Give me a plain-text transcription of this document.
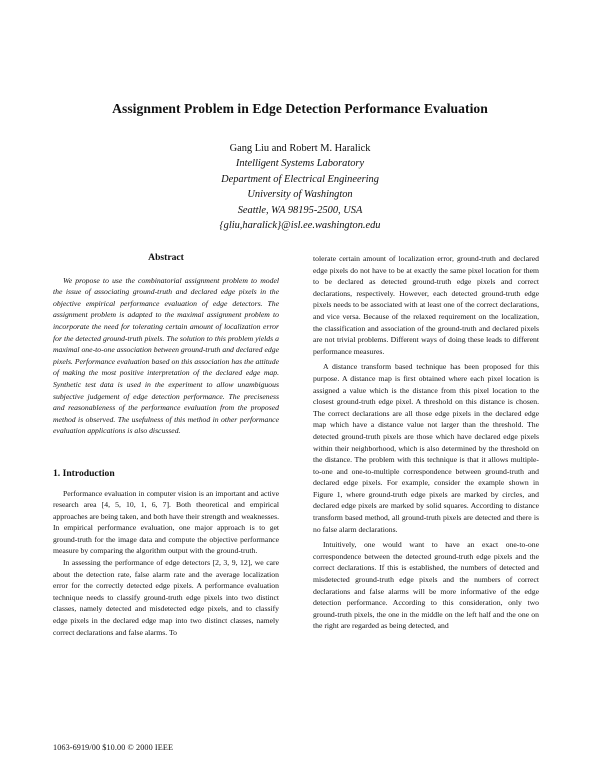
Assignment Problem in Edge Detection Performance Evaluation
Gang Liu and Robert M. Haralick
Intelligent Systems Laboratory
Department of Electrical Engineering
University of Washington
Seattle, WA 98195-2500, USA
{gliu,haralick}@isl.ee.washington.edu
Abstract

We propose to use the combinatorial assignment problem to model the issue of associating ground-truth and declared edge pixels in the objective empirical performance evaluation of edge detectors. The assignment problem is adapted to the maximal assignment problem to incorporate the need for tolerating certain amount of localization error for the detected ground-truth pixels. The solution to this problem yields a maximal one-to-one association between ground-truth and declared edge pixels. Performance evaluation based on this association has the attitude of making the most positive interpretation of the declared edge map. Synthetic test data is used in the experiment to allow unambiguous subjective judgement of edge detection performance. The preciseness and reasonableness of the performance evaluation from the proposed method is observed. The usefulness of this method in other performance evaluation applications is also discussed.

1. Introduction

Performance evaluation in computer vision is an important and active research area [4, 5, 10, 1, 6, 7]. Both theoretical and empirical approaches are being taken, and both have their strength and weaknesses. In empirical performance evaluation, one major approach is to get ground-truth for the image data and compute the objective performance measure by comparing the algorithm output with the ground-truth.

In assessing the performance of edge detectors [2, 3, 9, 12], we care about the detection rate, false alarm rate and the average localization error for the correctly detected edge pixels. A performance evaluation technique needs to classify ground-truth edge pixels into two distinct classes, namely detected and misdetected edge pixels, and to classify edge pixels in the declared edge map into two distinct classes, namely correct declarations and false alarms. To

tolerate certain amount of localization error, ground-truth and declared edge pixels do not have to be at exactly the same pixel location for them to be declared as detected ground-truth edge pixels and correct declarations, respectively. However, each detected ground-truth edge pixels needs to be associated with at least one of the correct declarations, and vice versa. Because of the relaxed requirement on the localization, the classification and association of the ground-truth and declared pixels are not trivial problems. Different ways of doing these leads to different performance measures.

A distance transform based technique has been proposed for this purpose. A distance map is first obtained where each pixel location is assigned a value which is the distance from this pixel location to the closest ground-truth edge pixel. A threshold on this distance is chosen. The correct declarations are all those edge pixels in the declared edge map which have a distance value not larger than the threshold. The detected ground-truth pixels are those which have declared edge pixels within their neighborhood, which is also determined by the threshold on the distance. The problem with this technique is that it allows multiple-to-one and one-to-multiple correspondence between ground-truth and declared edge pixels. For example, consider the example shown in Figure 1, where ground-truth edge pixels are marked by circles, and declared edge pixels are marked by solid squares. According to distance transform based method, all ground-truth pixels are detected and there is no false alarm declarations.

Intuitively, one would want to have an exact one-to-one correspondence between the detected ground-truth edge pixels and the correct declarations. If this is established, the numbers of detected and misdetected ground-truth edge pixels and the numbers of correct declarations and false alarms will be more informative of the edge detection performance. According to this consideration, only two ground-truth pixels, the one in the middle on the left half and the one on the right are regarded as being detected, and

1063-6919/00 $10.00 © 2000 IEEE
